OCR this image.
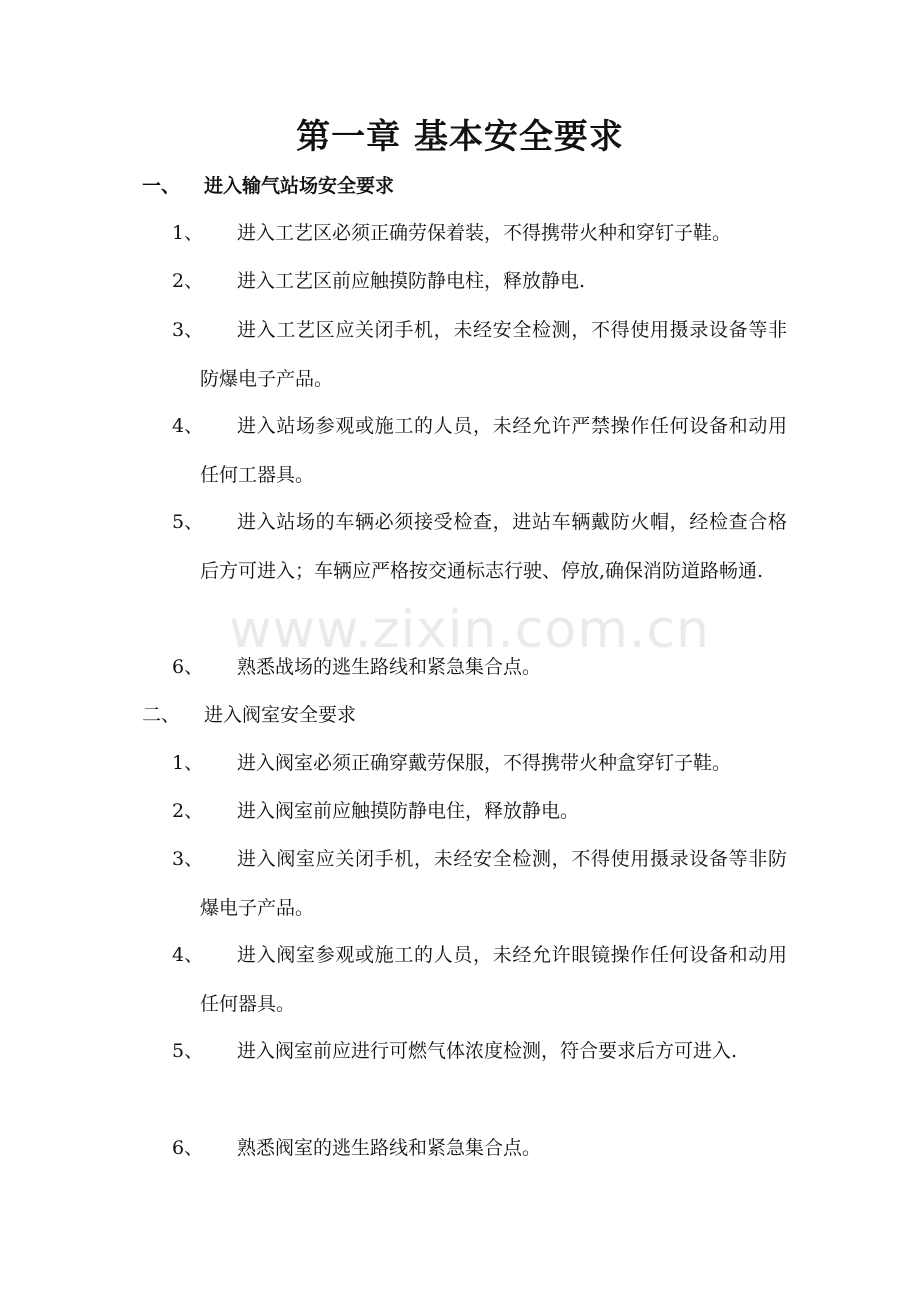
第一章 基本安全要求
一、 进入输气站场安全要求
1、	进入工艺区必须正确劳保着装，不得携带火种和穿钉子鞋。
2、	进入工艺区前应触摸防静电柱，释放静电.
3、	进入工艺区应关闭手机，未经安全检测，不得使用摄录设备等非防爆电子产品。
4、	进入站场参观或施工的人员，未经允许严禁操作任何设备和动用任何工器具。
5、	进入站场的车辆必须接受检查，进站车辆戴防火帽，经检查合格后方可进入；车辆应严格按交通标志行驶、停放,确保消防道路畅通.
6、	熟悉战场的逃生路线和紧急集合点。
二、 进入阀室安全要求
1、	进入阀室必须正确穿戴劳保服，不得携带火种盒穿钉子鞋。
2、	进入阀室前应触摸防静电住，释放静电。
3、	进入阀室应关闭手机，未经安全检测，不得使用摄录设备等非防爆电子产品。
4、	进入阀室参观或施工的人员，未经允许眼镜操作任何设备和动用任何器具。
5、	进入阀室前应进行可燃气体浓度检测，符合要求后方可进入.
6、	熟悉阀室的逃生路线和紧急集合点。
www.zixin.com.cn
